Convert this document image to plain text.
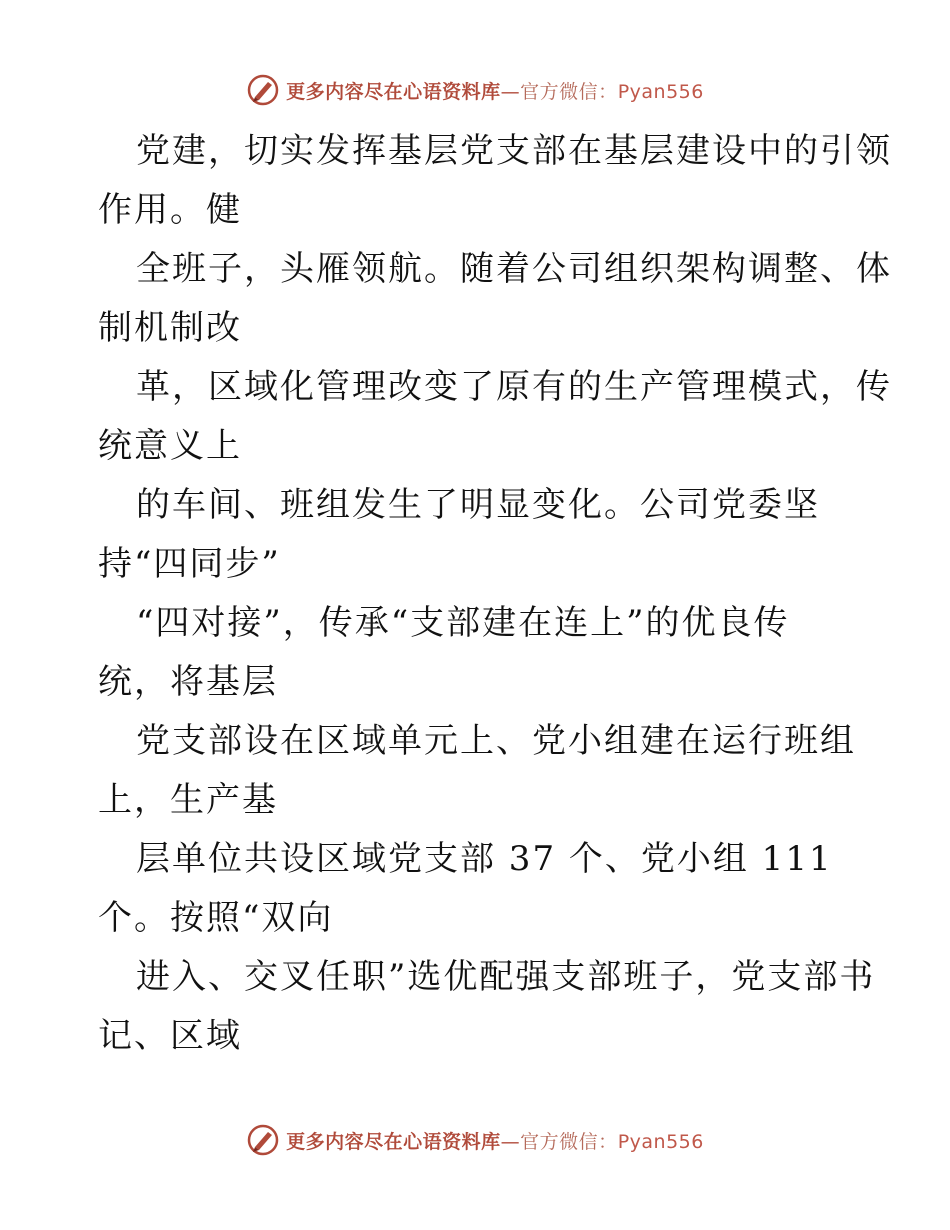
更多内容尽在心语资料库—官方微信：Pyan556
党建，切实发挥基层党支部在基层建设中的引领
作用。健
全班子，头雁领航。随着公司组织架构调整、体
制机制改
革，区域化管理改变了原有的生产管理模式，传
统意义上
的车间、班组发生了明显变化。公司党委坚
持“四同步”
“四对接”，传承“支部建在连上”的优良传
统，将基层
党支部设在区域单元上、党小组建在运行班组
上，生产基
层单位共设区域党支部 37 个、党小组 111
个。按照“双向
进入、交叉任职”选优配强支部班子，党支部书
记、区域
更多内容尽在心语资料库—官方微信：Pyan556
